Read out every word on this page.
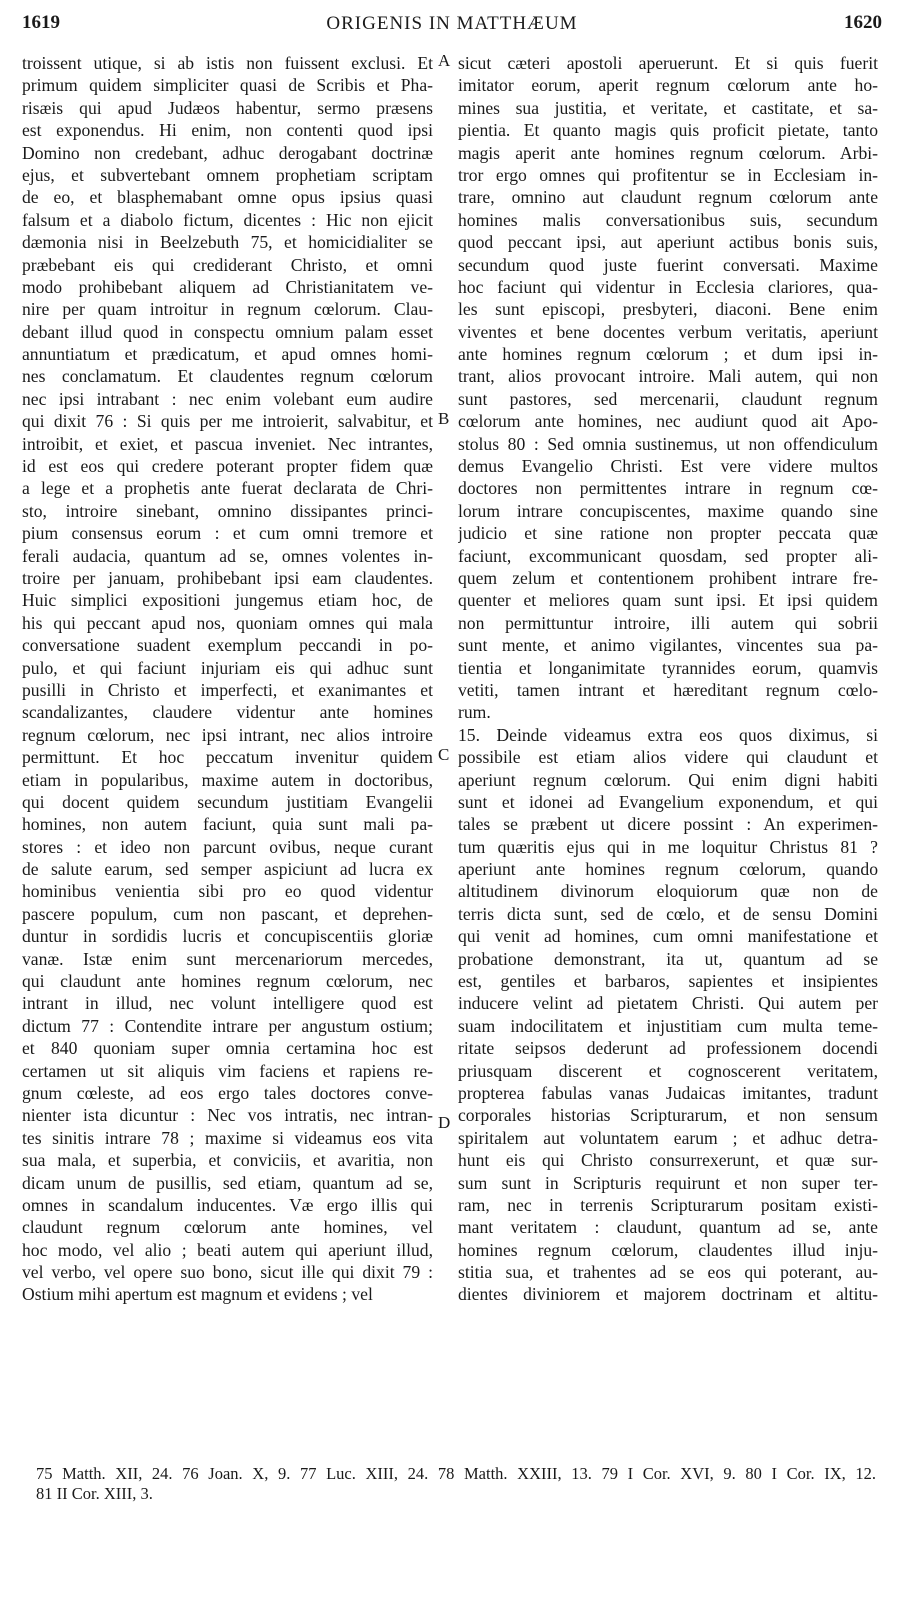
1619	ORIGENIS IN MATTHÆUM	1620
troissent utique, si ab istis non fuissent exclusi. Et
primum quidem simpliciter quasi de Scribis et Pha-
risæis qui apud Judæos habentur, sermo præsens
est exponendus. Hi enim, non contenti quod ipsi
Domino non credebant, adhuc derogabant doctrinæ
ejus, et subvertebant omnem prophetiam scriptam
de eo, et blasphemabant omne opus ipsius quasi
falsum et a diabolo fictum, dicentes : Hic non ejicit
dæmonia nisi in Beelzebuth 75, et homicidialiter se
præbebant eis qui crediderant Christo, et omni
modo prohibebant aliquem ad Christianitatem ve-
nire per quam introitur in regnum cœlorum. Clau-
debant illud quod in conspectu omnium palam esset
annuntiatum et prædicatum, et apud omnes homi-
nes conclamatum. Et claudentes regnum cœlorum
nec ipsi intrabant : nec enim volebant eum audire
qui dixit 76 : Si quis per me introierit, salvabitur, et
introibit, et exiet, et pascua inveniet. Nec intrantes,
id est eos qui credere poterant propter fidem quæ
a lege et a prophetis ante fuerat declarata de Chri-
sto, introire sinebant, omnino dissipantes princi-
pium consensus eorum : et cum omni tremore et
ferali audacia, quantum ad se, omnes volentes in-
troire per januam, prohibebant ipsi eam claudentes.
Huic simplici expositioni jungemus etiam hoc, de
his qui peccant apud nos, quoniam omnes qui mala
conversatione suadent exemplum peccandi in po-
pulo, et qui faciunt injuriam eis qui adhuc sunt
pusilli in Christo et imperfecti, et exanimantes et
scandalizantes, claudere videntur ante homines
regnum cœlorum, nec ipsi intrant, nec alios introire
permittunt. Et hoc peccatum invenitur quidem
etiam in popularibus, maxime autem in doctoribus,
qui docent quidem secundum justitiam Evangelii
homines, non autem faciunt, quia sunt mali pa-
stores : et ideo non parcunt ovibus, neque curant
de salute earum, sed semper aspiciunt ad lucra ex
hominibus venientia sibi pro eo quod videntur
pascere populum, cum non pascant, et deprehen-
duntur in sordidis lucris et concupiscentiis gloriæ
vanæ. Istæ enim sunt mercenariorum mercedes,
qui claudunt ante homines regnum cœlorum, nec
intrant in illud, nec volunt intelligere quod est
dictum 77 : Contendite intrare per angustum ostium;
et 840 quoniam super omnia certamina hoc est
certamen ut sit aliquis vim faciens et rapiens re-
gnum cœleste, ad eos ergo tales doctores conve-
nienter ista dicuntur : Nec vos intratis, nec intran-
tes sinitis intrare 78 ; maxime si videamus eos vita
sua mala, et superbia, et conviciis, et avaritia, non
dicam unum de pusillis, sed etiam, quantum ad se,
omnes in scandalum inducentes. Væ ergo illis qui
claudunt regnum cœlorum ante homines, vel
hoc modo, vel alio ; beati autem qui aperiunt illud,
vel verbo, vel opere suo bono, sicut ille qui dixit 79 :
Ostium mihi apertum est magnum et evidens ; vel
sicut cæteri apostoli aperuerunt. Et si quis fuerit
imitator eorum, aperit regnum cœlorum ante ho-
mines sua justitia, et veritate, et castitate, et sa-
pientia. Et quanto magis quis proficit pietate, tanto
magis aperit ante homines regnum cœlorum. Arbi-
tror ergo omnes qui profitentur se in Ecclesiam in-
trare, omnino aut claudunt regnum cœlorum ante
homines malis conversationibus suis, secundum
quod peccant ipsi, aut aperiunt actibus bonis suis,
secundum quod juste fuerint conversati. Maxime
hoc faciunt qui videntur in Ecclesia clariores, qua-
les sunt episcopi, presbyteri, diaconi. Bene enim
viventes et bene docentes verbum veritatis, aperiunt
ante homines regnum cœlorum ; et dum ipsi in-
trant, alios provocant introire. Mali autem, qui non
sunt pastores, sed mercenarii, claudunt regnum
cœlorum ante homines, nec audiunt quod ait Apo-
stolus 80 : Sed omnia sustinemus, ut non offendiculum
demus Evangelio Christi. Est vere videre multos
doctores non permittentes intrare in regnum cœ-
lorum intrare concupiscentes, maxime quando sine
judicio et sine ratione non propter peccata quæ
faciunt, excommunicant quosdam, sed propter ali-
quem zelum et contentionem prohibent intrare fre-
quenter et meliores quam sunt ipsi. Et ipsi quidem
non permittuntur introire, illi autem qui sobrii
sunt mente, et animo vigilantes, vincentes sua pa-
tientia et longanimitate tyrannides eorum, quamvis
vetiti, tamen intrant et hæreditant regnum cœlo-
rum.
15. Deinde videamus extra eos quos diximus, si
possibile est etiam alios videre qui claudunt et
aperiunt regnum cœlorum. Qui enim digni habiti
sunt et idonei ad Evangelium exponendum, et qui
tales se præbent ut dicere possint : An experimen-
tum quæritis ejus qui in me loquitur Christus 81 ?
aperiunt ante homines regnum cœlorum, quando
altitudinem divinorum eloquiorum quæ non de
terris dicta sunt, sed de cœlo, et de sensu Domini
qui venit ad homines, cum omni manifestatione et
probatione demonstrant, ita ut, quantum ad se
est, gentiles et barbaros, sapientes et insipientes
inducere velint ad pietatem Christi. Qui autem per
suam indocilitatem et injustitiam cum multa teme-
ritate seipsos dederunt ad professionem docendi
priusquam discerent et cognoscerent veritatem,
propterea fabulas vanas Judaicas imitantes, tradunt
corporales historias Scripturarum, et non sensum
spiritalem aut voluntatem earum ; et adhuc detra-
hunt eis qui Christo consurrexerunt, et quæ sur-
sum sunt in Scripturis requirunt et non super ter-
ram, nec in terrenis Scripturarum positam existi-
mant veritatem : claudunt, quantum ad se, ante
homines regnum cœlorum, claudentes illud inju-
stitia sua, et trahentes ad se eos qui poterant, au-
dientes diviniorem et majorem doctrinam et altitu-
A
B
C
D
75 Matth. XII, 24. 76 Joan. X, 9. 77 Luc. XIII, 24. 78 Matth. XXIII, 13. 79 I Cor. XVI, 9. 80 I Cor. IX, 12.
81 II Cor. XIII, 3.
